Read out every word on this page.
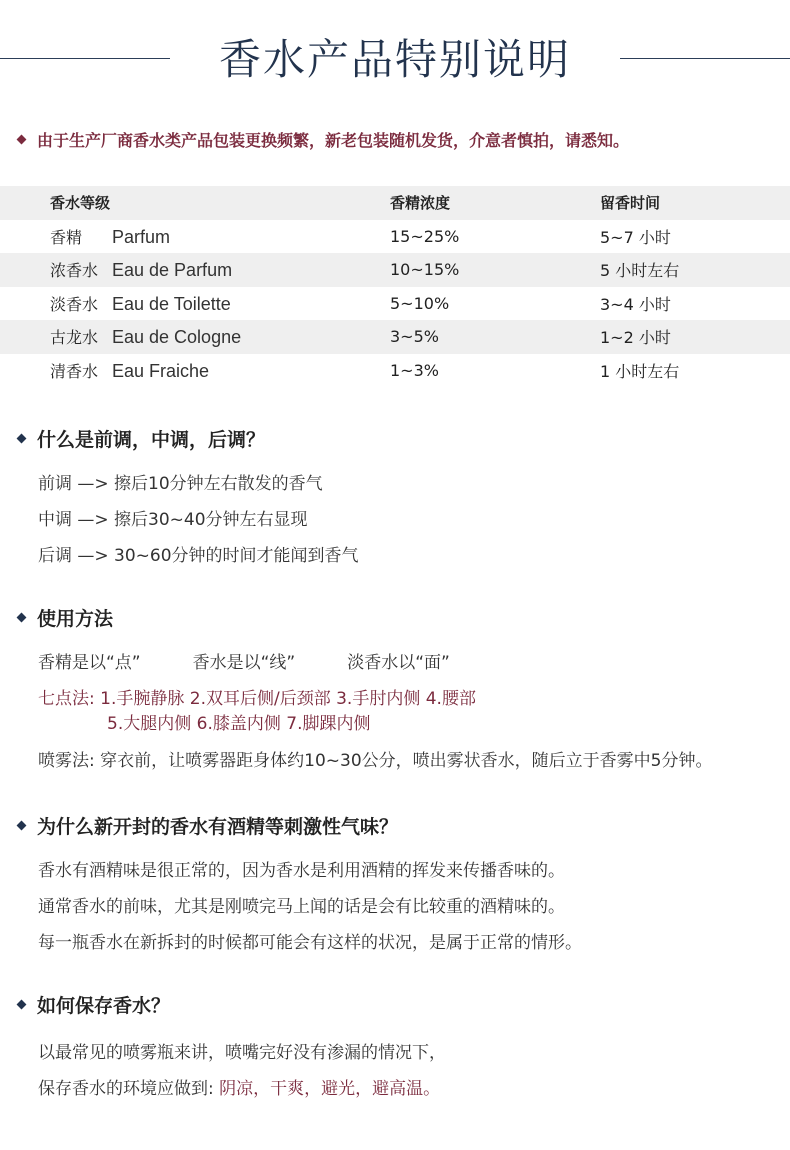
香水产品特别说明
由于生产厂商香水类产品包装更换频繁，新老包装随机发货，介意者慎拍，请悉知。
香水等级	香精浓度	留香时间
香精 Parfum	15~25%	5~7 小时
浓香水 Eau de Parfum	10~15%	5 小时左右
淡香水 Eau de Toilette	5~10%	3~4 小时
古龙水 Eau de Cologne	3~5%	1~2 小时
清香水 Eau Fraiche	1~3%	1 小时左右
什么是前调，中调，后调？
前调 —> 擦后10分钟左右散发的香气
中调 —> 擦后30~40分钟左右显现
后调 —> 30~60分钟的时间才能闻到香气
使用方法
香精是以“点”	香水是以“线”	淡香水以“面”
七点法: 1.手腕静脉 2.双耳后侧/后颈部 3.手肘内侧 4.腰部
5.大腿内侧 6.膝盖内侧 7.脚踝内侧
喷雾法: 穿衣前，让喷雾器距身体约10~30公分，喷出雾状香水，随后立于香雾中5分钟。
为什么新开封的香水有酒精等刺激性气味？
香水有酒精味是很正常的，因为香水是利用酒精的挥发来传播香味的。
通常香水的前味，尤其是刚喷完马上闻的话是会有比较重的酒精味的。
每一瓶香水在新拆封的时候都可能会有这样的状况，是属于正常的情形。
如何保存香水？
以最常见的喷雾瓶来讲，喷嘴完好没有渗漏的情况下，
保存香水的环境应做到: 阴凉，干爽，避光，避高温。
